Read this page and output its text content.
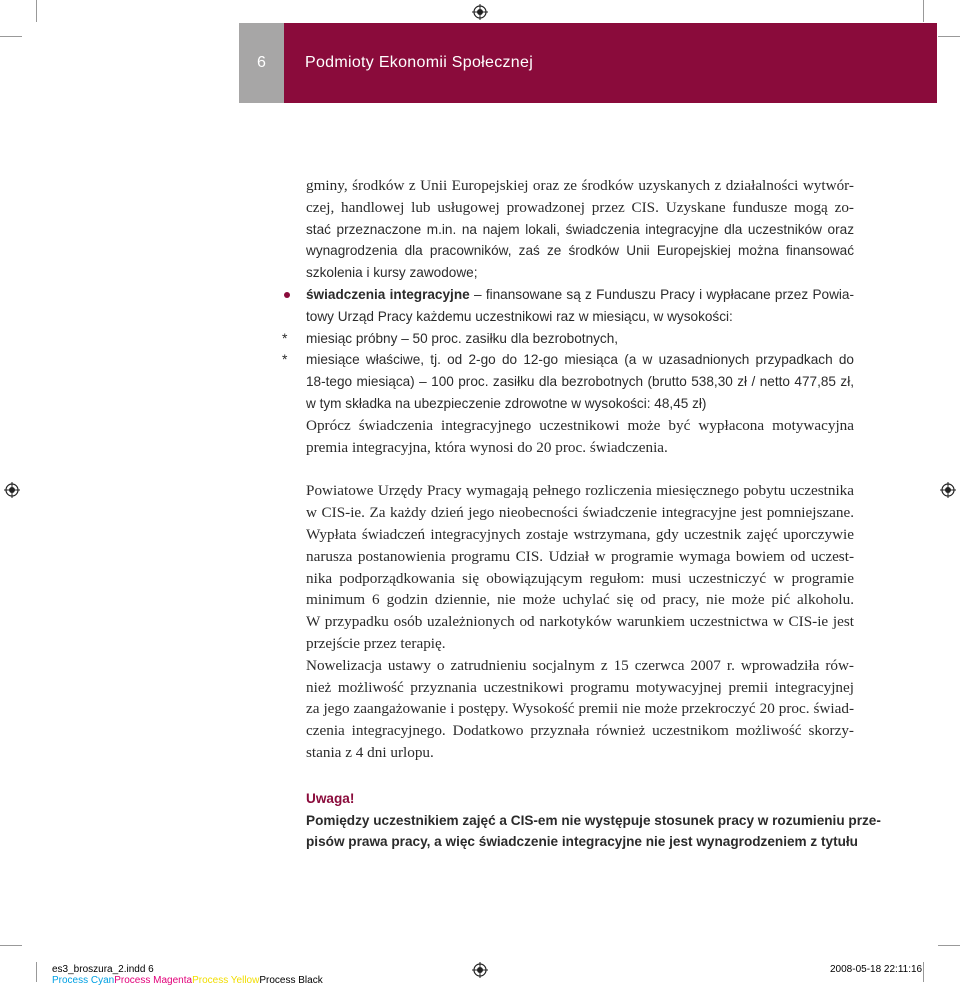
6	Podmioty Ekonomii Społecznej
gminy, środków z Unii Europejskiej oraz ze środków uzyskanych z działalności wytwór-
czej, handlowej lub usługowej prowadzonej przez CIS. Uzyskane fundusze mogą zo-
stać przeznaczone m.in. na najem lokali, świadczenia integracyjne dla uczestników oraz
wynagrodzenia dla pracowników, zaś ze środków Unii Europejskiej można finansować
szkolenia i kursy zawodowe;
świadczenia integracyjne – finansowane są z Funduszu Pracy i wypłacane przez Powia-
towy Urząd Pracy każdemu uczestnikowi raz w miesiącu, w wysokości:
* miesiąc próbny – 50 proc. zasiłku dla bezrobotnych,
* miesiące właściwe, tj. od 2-go do 12-go miesiąca (a w uzasadnionych przypadkach do
18-tego miesiąca) – 100 proc. zasiłku dla bezrobotnych (brutto 538,30 zł / netto 477,85 zł,
w tym składka na ubezpieczenie zdrowotne w wysokości: 48,45 zł)
Oprócz świadczenia integracyjnego uczestnikowi może być wypłacona motywacyjna
premia integracyjna, która wynosi do 20 proc. świadczenia.
Powiatowe Urzędy Pracy wymagają pełnego rozliczenia miesięcznego pobytu uczestnika
w CIS-ie. Za każdy dzień jego nieobecności świadczenie integracyjne jest pomniejszane.
Wypłata świadczeń integracyjnych zostaje wstrzymana, gdy uczestnik zajęć uporczywie
narusza postanowienia programu CIS. Udział w programie wymaga bowiem od uczest-
nika podporządkowania się obowiązującym regułom: musi uczestniczyć w programie
minimum 6 godzin dziennie, nie może uchylać się od pracy, nie może pić alkoholu.
W przypadku osób uzależnionych od narkotyków warunkiem uczestnictwa w CIS-ie jest
przejście przez terapię.
Nowelizacja ustawy o zatrudnieniu socjalnym z 15 czerwca 2007 r. wprowadziła rów-
nież możliwość przyznania uczestnikowi programu motywacyjnej premii integracyjnej
za jego zaangażowanie i postępy. Wysokość premii nie może przekroczyć 20 proc. świad-
czenia integracyjnego. Dodatkowo przyznała również uczestnikom możliwość skorzy-
stania z 4 dni urlopu.
Uwaga!
Pomiędzy uczestnikiem zajęć a CIS-em nie występuje stosunek pracy w rozumieniu prze-
pisów prawa pracy, a więc świadczenie integracyjne nie jest wynagrodzeniem z tytułu
es3_broszura_2.indd 6	2008-05-18 22:11:16
Process CyanProcess MagentaProcess YellowProcess Black
